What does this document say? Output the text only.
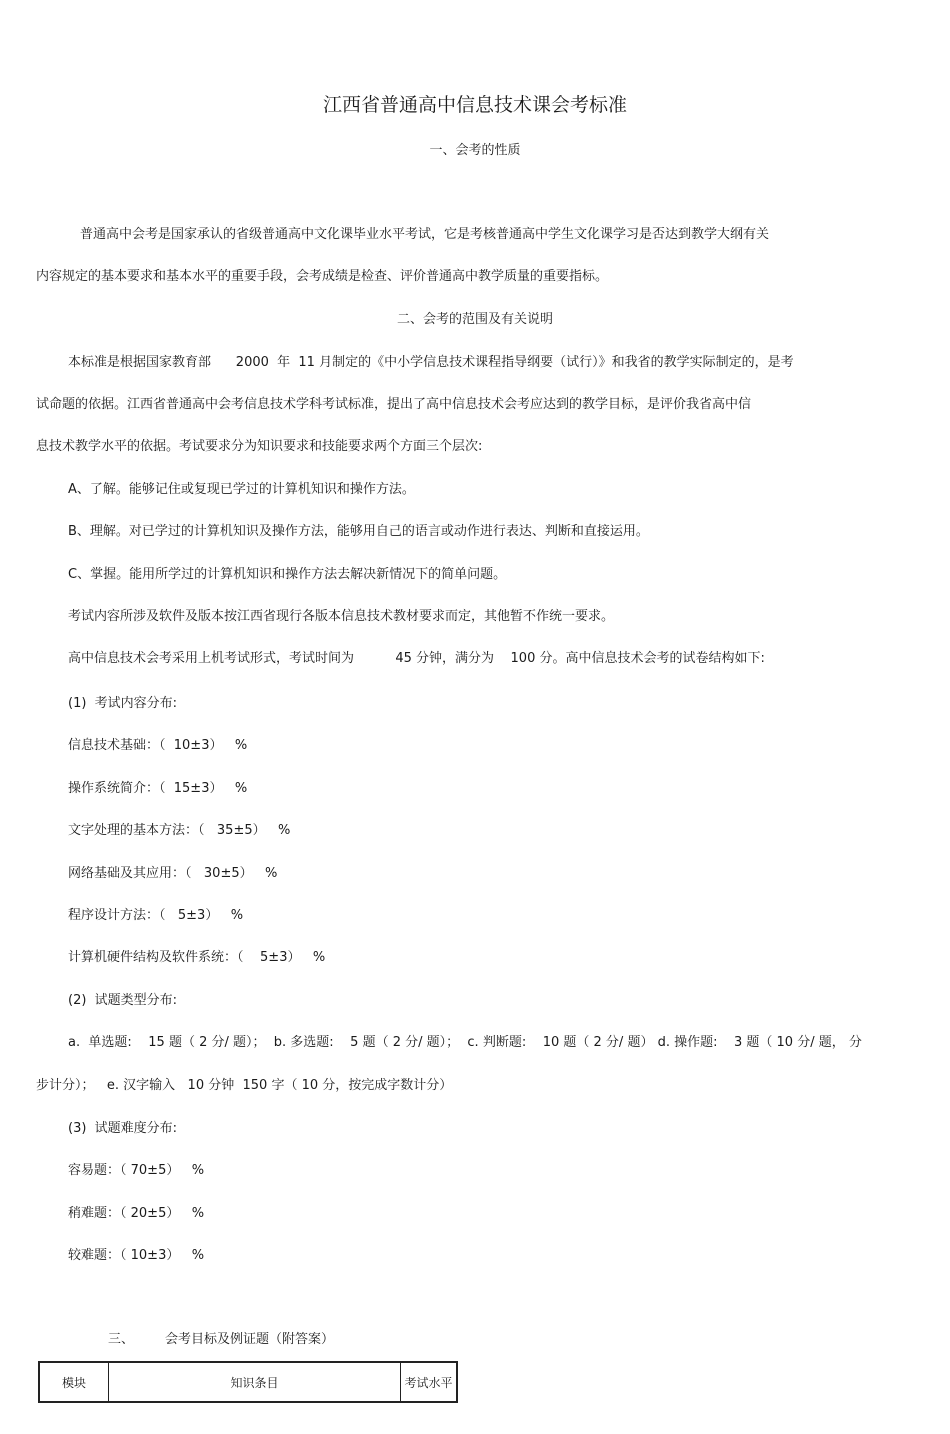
江西省普通高中信息技术课会考标准
一、会考的性质
普通高中会考是国家承认的省级普通高中文化课毕业水平考试，它是考核普通高中学生文化课学习是否达到教学大纲有关
内容规定的基本要求和基本水平的重要手段，会考成绩是检查、评价普通高中教学质量的重要指标。
二、会考的范围及有关说明
本标准是根据国家教育部      2000  年  11 月制定的《中小学信息技术课程指导纲要（试行）》和我省的教学实际制定的，是考
试命题的依据。江西省普通高中会考信息技术学科考试标准，提出了高中信息技术会考应达到的教学目标，是评价我省高中信
息技术教学水平的依据。考试要求分为知识要求和技能要求两个方面三个层次:
A、了解。能够记住或复现已学过的计算机知识和操作方法。
B、理解。对已学过的计算机知识及操作方法，能够用自己的语言或动作进行表达、判断和直接运用。
C、掌握。能用所学过的计算机知识和操作方法去解决新情况下的简单问题。
考试内容所涉及软件及版本按江西省现行各版本信息技术教材要求而定，其他暂不作统一要求。
高中信息技术会考采用上机考试形式，考试时间为          45 分钟，满分为    100 分。高中信息技术会考的试卷结构如下:
(1)  考试内容分布:
信息技术基础：（  10±3）   %
操作系统简介：（  15±3）   %
文字处理的基本方法：（   35±5）   %
网络基础及其应用：（   30±5）   %
程序设计方法：（   5±3）   %
计算机硬件结构及软件系统：（    5±3）   %
(2)  试题类型分布:
a.  单选题:    15 题（ 2 分/ 题）；  b. 多选题:    5 题（ 2 分/ 题）；  c. 判断题:    10 题（ 2 分/ 题） d. 操作题:    3 题（ 10 分/ 题， 分
步计分）；   e. 汉字输入   10 分钟  150 字（ 10 分，按完成字数计分）
(3)  试题难度分布:
容易题：（ 70±5）   %
稍难题：（ 20±5）   %
较难题：（ 10±3）   %
三、 会考目标及例证题（附答案）
模块	知识条目	考试水平
